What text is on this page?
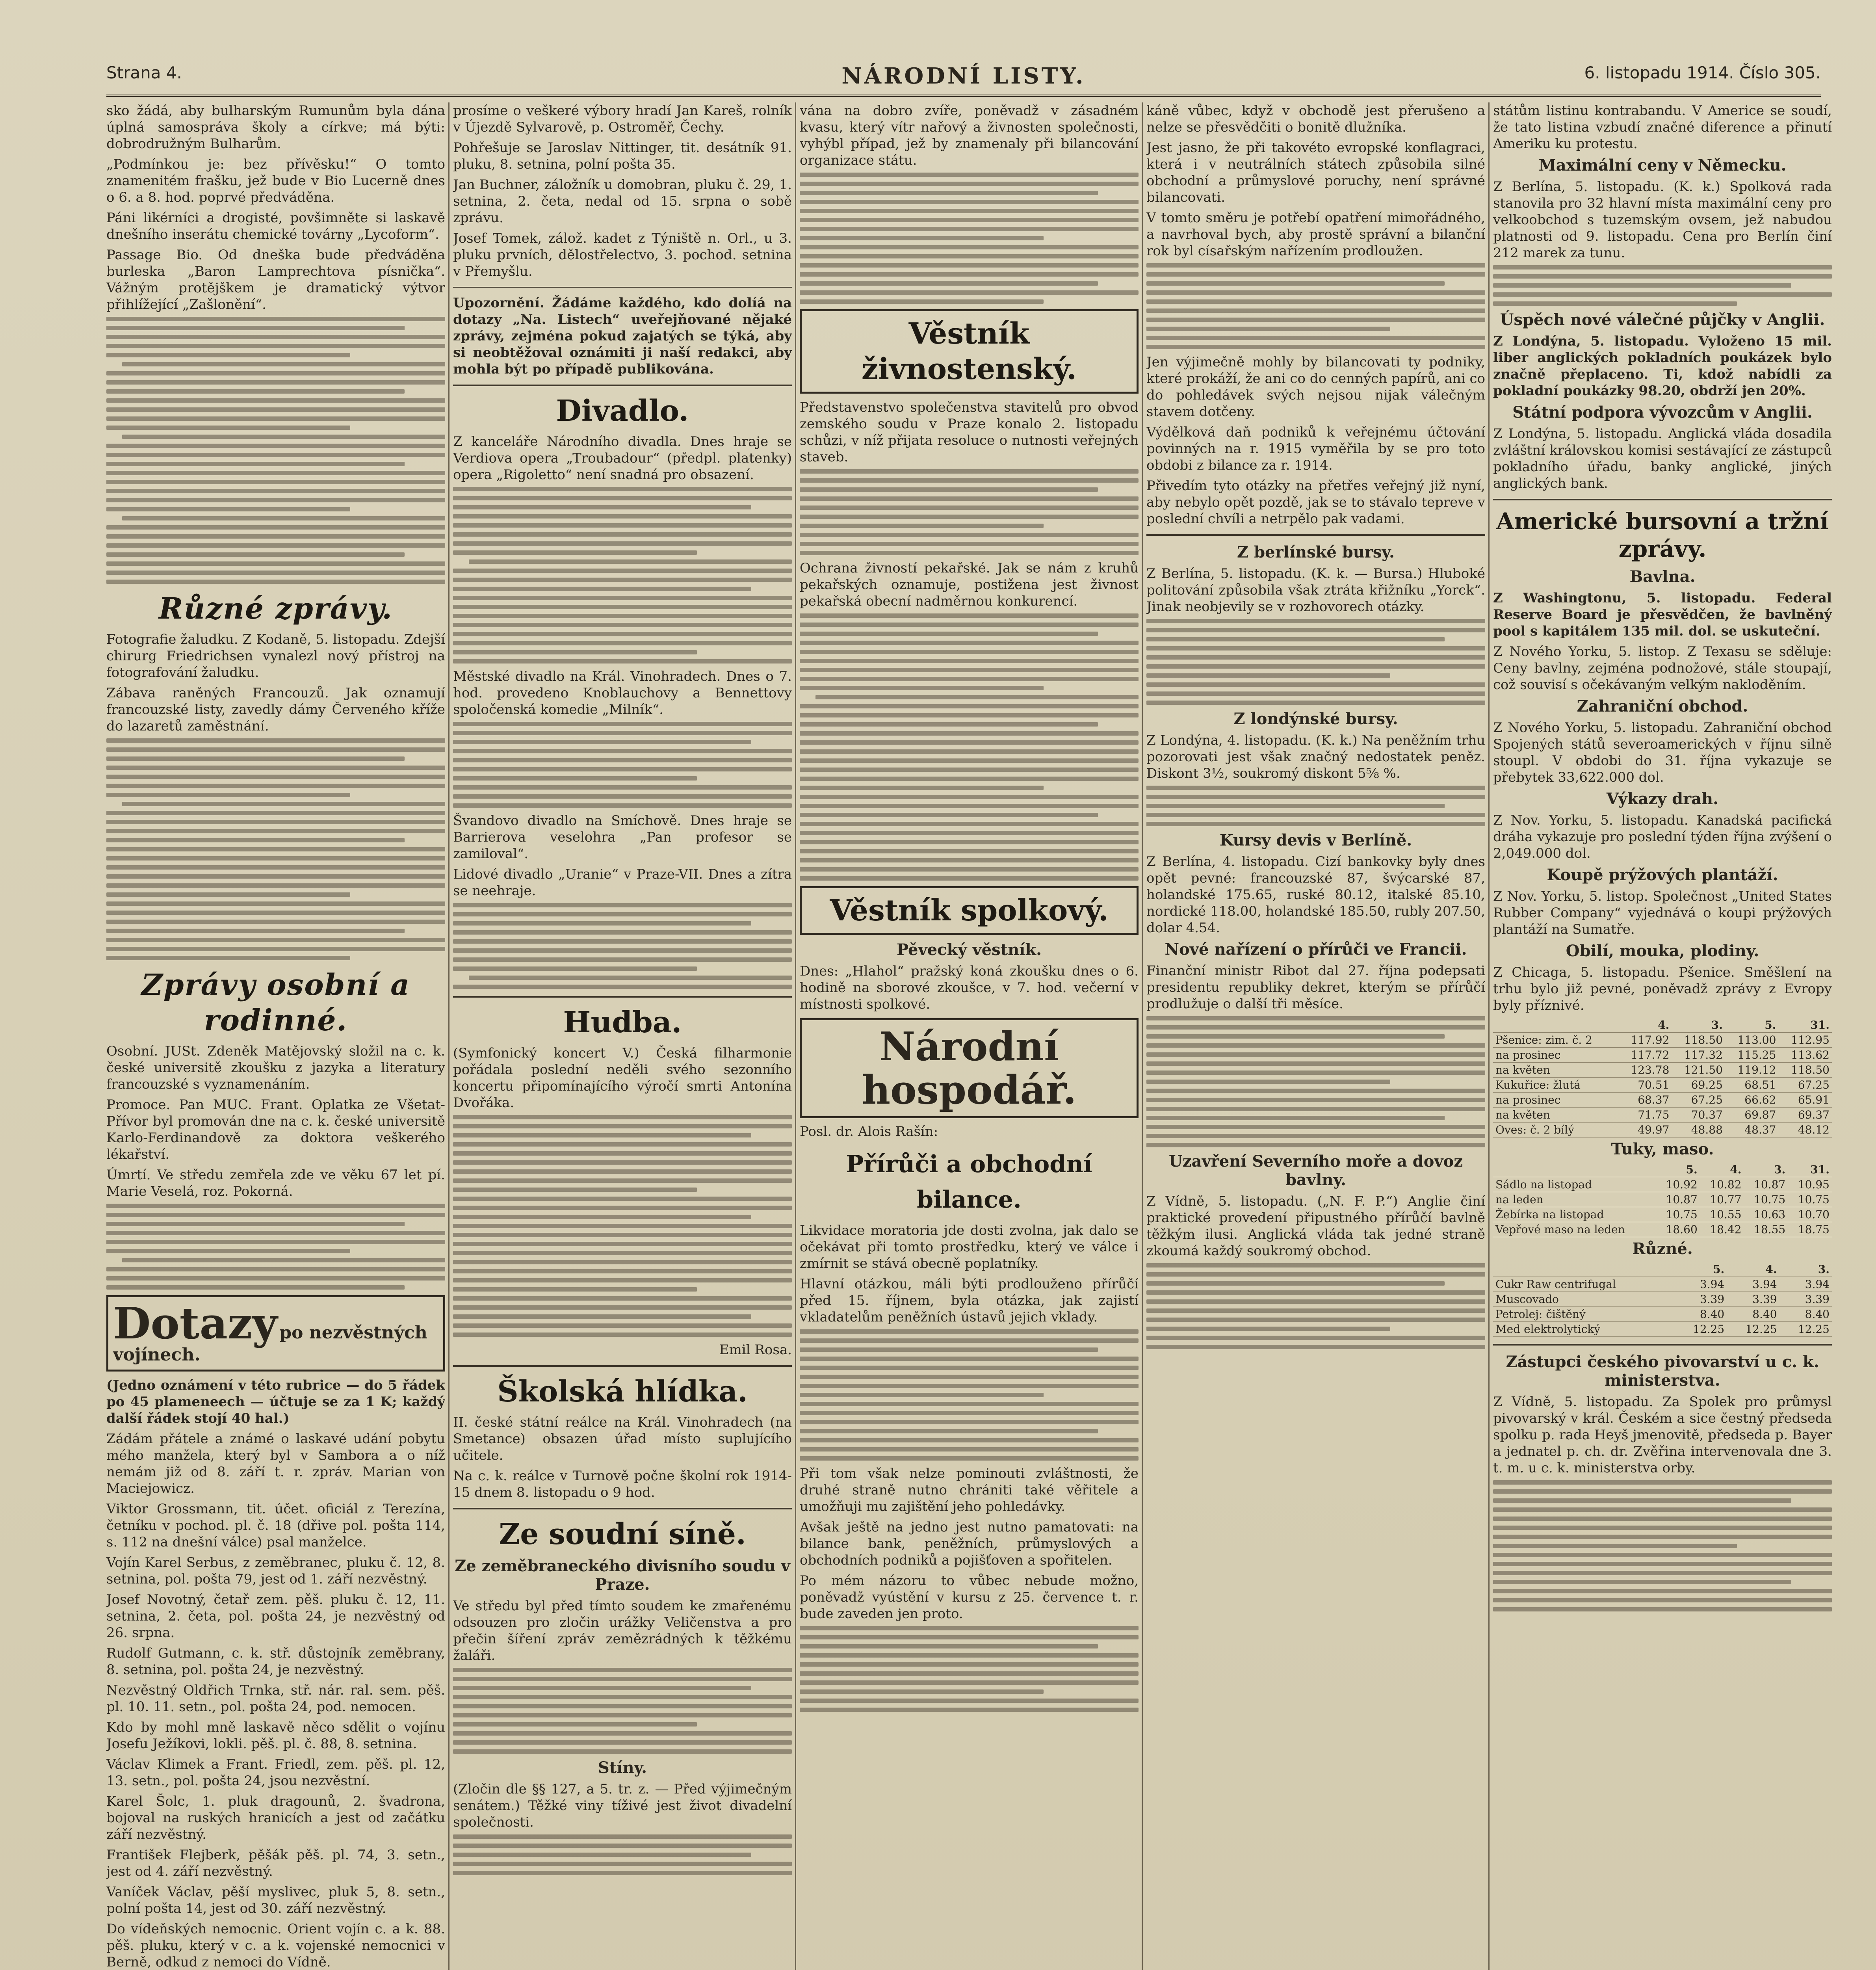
Strana 4.	NÁRODNÍ LISTY.	6. listopadu 1914. Číslo 305.

sko žádá, aby bulharským Rumunům byla dána úplná samospráva školy a církve; má býti: dobrodružným Bulharům.

„Podmínkou je: bez přívěsku!“ O tomto znamenitém frašku, jež bude v Bio Lucerně dnes o 6. a 8. hod. poprvé předváděna.

Páni likérníci a drogisté, povšimněte si laskavě dnešního inserátu chemické továrny „Lycoform“.

Passage Bio. Od dneška bude předváděna burleska „Baron Lamprechtova písnička“. Vážným protějškem je dramatický výtvor přihlížející „Zašlonění“.

Různé zprávy.

Fotografie žaludku. Z Kodaně, 5. listopadu. Zdejší chirurg Friedrichsen vynalezl nový přístroj na fotografování žaludku.

Zábava raněných Francouzů. Jak oznamují francouzské listy, zavedly dámy Červeného kříže do lazaretů zaměstnání.

Zprávy osobní a rodinné.

Osobní. JUSt. Zdeněk Matějovský složil na c. k. české universitě zkoušku z jazyka a literatury francouzské s vyznamenáním.

Promoce. Pan MUC. Frant. Oplatka ze Všetat-Přívor byl promován dne na c. k. české universitě Karlo-Ferdinandově za doktora veškerého lékařství.

Úmrtí. Ve středu zemřela zde ve věku 67 let pí. Marie Veselá, roz. Pokorná.

Dotazy po nezvěstných vojínech.

(Jedno oznámení v této rubrice — do 5 řádek po 45 plameneech — účtuje se za 1 K; každý další řádek stojí 40 hal.)

Zádám přátele a známé o laskavé udání pobytu mého manžela, který byl v Sambora a o níž nemám již od 8. září t. r. zpráv. Marian von Maciejowicz.

Viktor Grossmann, tit. účet. oficiál z Terezína, četníku v pochod. pl. č. 18 (dřive pol. pošta 114, s. 112 na dnešní válce) psal manželce.

Vojín Karel Serbus, z zeměbranec, pluku č. 12, 8. setnina, pol. pošta 79, jest od 1. září nezvěstný.

Josef Novotný, četař zem. pěš. pluku č. 12, 11. setnina, 2. četa, pol. pošta 24, je nezvěstný od 26. srpna.

Rudolf Gutmann, c. k. stř. důstojník zeměbrany, 8. setnina, pol. pošta 24, je nezvěstný.

Nezvěstný Oldřich Trnka, stř. nár. ral. sem. pěš. pl. 10. 11. setn., pol. pošta 24, pod. nemocen.

Kdo by mohl mně laskavě něco sdělit o vojínu Josefu Ježíkovi, lokli. pěš. pl. č. 88, 8. setnina.

Václav Klimek a Frant. Friedl, zem. pěš. pl. 12, 13. setn., pol. pošta 24, jsou nezvěstní.

Karel Šolc, 1. pluk dragounů, 2. švadrona, bojoval na ruských hranicích a jest od začátku září nezvěstný.

František Flejberk, pěšák pěš. pl. 74, 3. setn., jest od 4. září nezvěstný.

Vaníček Václav, pěší myslivec, pluk 5, 8. setn., polní pošta 14, jest od 30. září nezvěstný.

Do vídeňských nemocnic. Orient vojín c. a k. 88. pěš. pluku, který v c. a k. vojenské nemocnici v Berně, odkud z nemoci do Vídně.

prosíme o veškeré výbory hradí Jan Kareš, rolník v Újezdě Sylvarově, p. Ostroměř, Čechy.

Pohřešuje se Jaroslav Nittinger, tit. desátník 91. pluku, 8. setnina, polní pošta 35.

Jan Buchner, záložník u domobran, pluku č. 29, 1. setnina, 2. četa, nedal od 15. srpna o sobě zprávu.

Josef Tomek, zálož. kadet z Týniště n. Orl., u 3. pluku prvních, dělostřelectvo, 3. pochod. setnina v Přemyšlu.

Upozornění. Žádáme každého, kdo dolíá na dotazy „Na. Listech“ uveřejňované nějaké zprávy, zejména pokud zajatých se týká, aby si neobtěžoval oznámiti ji naší redakci, aby mohla být po případě publikována.

Divadlo.

Z kanceláře Národního divadla. Dnes hraje se Verdiova opera „Troubadour“ (předpl. platenky) opera „Rigoletto“ není snadná pro obsazení.

Městské divadlo na Král. Vinohradech. Dnes o 7. hod. provedeno Knoblauchovy a Bennettovy spoločenská komedie „Milník“.

Švandovo divadlo na Smíchově. Dnes hraje se Barrierova veselohra „Pan profesor se zamiloval“.

Lidové divadlo „Uranie“ v Praze-VII. Dnes a zítra se neehraje.

Hudba.

(Symfonický koncert V.) Česká filharmonie pořádala poslední neděli svého sezonního koncertu připomínajícího výročí smrti Antonína Dvořáka.

Emil Rosa.

Školská hlídka.

II. české státní reálce na Král. Vinohradech (na Smetance) obsazen úřad místo suplujícího učitele.

Na c. k. reálce v Turnově počne školní rok 1914-15 dnem 8. listopadu o 9 hod.

Ze soudní síně.
Ze zeměbraneckého divisního soudu v Praze.

Ve středu byl před tímto soudem ke zmařenému odsouzen pro zločin urážky Veličenstva a pro přečin šíření zpráv zemězrádných k těžkému žaláři.

Stíny.

(Zločin dle §§ 127, a 5. tr. z. — Před výjimečným senátem.) Těžké viny tíživé jest život divadelní společnosti.

vána na dobro zvíře, poněvadž v zásadném kvasu, který vítr nařový a živnosten společnosti, vyhýbl případ, jež by znamenaly při bilancování organizace státu.

Věstník živnostenský.

Představenstvo společenstva stavitelů pro obvod zemského soudu v Praze konalo 2. listopadu schůzi, v níž přijata resoluce o nutnosti veřejných staveb.

Ochrana živností pekařské. Jak se nám z kruhů pekařských oznamuje, postižena jest živnost pekařská obecní nadměrnou konkurencí.

Věstník spolkový.
Pěvecký věstník.

Dnes: „Hlahol“ pražský koná zkoušku dnes o 6. hodině na sborové zkoušce, v 7. hod. večerní v místnosti spolkové.

Národní hospodář.

Posl. dr. Alois Rašín:

Přírůči a obchodní bilance.

Likvidace moratoria jde dosti zvolna, jak dalo se očekávat při tomto prostředku, který ve válce i zmírnit se stává obecně poplatníky.

Hlavní otázkou, máli býti prodlouženo přírůčí před 15. říjnem, byla otázka, jak zajistí vkladatelům peněžních ústavů jejich vklady.

Při tom však nelze pominouti zvláštnosti, že druhé straně nutno chrániti také věřitele a umožňuji mu zajištění jeho pohledávky.

Avšak ještě na jedno jest nutno pamatovati: na bilance bank, peněžních, průmyslových a obchodních podniků a pojišťoven a spořitelen.

Po mém názoru to vůbec nebude možno, poněvadž vyústění v kursu z 25. července t. r. bude zaveden jen proto.

káně vůbec, když v obchodě jest přerušeno a nelze se přesvědčiti o bonitě dlužníka.

Jest jasno, že při takovéto evropské konflagraci, která i v neutrálních státech způsobila silné obchodní a průmyslové poruchy, není správné bilancovati.

V tomto směru je potřebí opatření mimořádného, a navrhoval bych, aby prostě správní a bilanční rok byl císařským nařízením prodloužen.

Jen výjimečně mohly by bilancovati ty podniky, které prokáží, že ani co do cenných papírů, ani co do pohledávek svých nejsou nijak válečným stavem dotčeny.

Výdělková daň podniků k veřejnému účtování povinných na r. 1915 vyměřila by se pro toto obdobi z bilance za r. 1914.

Přivedím tyto otázky na přetřes veřejný již nyní, aby nebylo opět pozdě, jak se to stávalo tepreve v poslední chvíli a netrpělo pak vadami.

Z berlínské bursy.

Z Berlína, 5. listopadu. (K. k. — Bursa.) Hluboké politování způsobila však ztráta křižníku „Yorck“. Jinak neobjevily se v rozhovorech otázky.

Z londýnské bursy.

Z Londýna, 4. listopadu. (K. k.) Na peněžním trhu pozorovati jest však značný nedostatek peněz. Diskont 3½, soukromý diskont 5⅝ %.

Kursy devis v Berlíně.

Z Berlína, 4. listopadu. Cizí bankovky byly dnes opět pevné: francouzské 87, švýcarské 87, holandské 175.65, ruské 80.12, italské 85.10, nordické 118.00, holandské 185.50, rubly 207.50, dolar 4.54.

Nové nařízení o přírůči ve Francii.

Finanční ministr Ribot dal 27. října podepsati presidentu republiky dekret, kterým se přírůčí prodlužuje o další tři měsíce.

Uzavření Severního moře a dovoz bavlny.

Z Vídně, 5. listopadu. („N. F. P.“) Anglie činí praktické provedení připustného přírůčí bavlně těžkým ilusi. Anglická vláda tak jedné straně zkoumá každý soukromý obchod.

státům listinu kontrabandu. V Americe se soudí, že tato listina vzbudí značné diference a přinutí Ameriku ku protestu.

Maximální ceny v Německu.

Z Berlína, 5. listopadu. (K. k.) Spolková rada stanovila pro 32 hlavní místa maximální ceny pro velkoobchod s tuzemským ovsem, jež nabudou platnosti od 9. listopadu. Cena pro Berlín činí 212 marek za tunu.

Úspěch nové válečné půjčky v Anglii.

Z Londýna, 5. listopadu. Vyloženo 15 mil. liber anglických pokladních poukázek bylo značně přeplaceno. Ti, kdož nabídli za pokladní poukázky 98.20, obdrží jen 20%.

Státní podpora vývozcům v Anglii.

Z Londýna, 5. listopadu. Anglická vláda dosadila zvláštní královskou komisi sestávající ze zástupců pokladního úřadu, banky anglické, jiných anglických bank.

Americké bursovní a tržní zprávy.
Bavlna.

Z Washingtonu, 5. listopadu. Federal Reserve Board je přesvědčen, že bavlněný pool s kapitálem 135 mil. dol. se uskuteční.

Z Nového Yorku, 5. listop. Z Texasu se sděluje: Ceny bavlny, zejména podnožové, stále stoupají, což souvisí s očekávaným velkým nakloděním.

Zahraniční obchod.

Z Nového Yorku, 5. listopadu. Zahraniční obchod Spojených států severoamerických v říjnu silně stoupl. V obdobi do 31. října vykazuje se přebytek 33,622.000 dol.

Výkazy drah.

Z Nov. Yorku, 5. listopadu. Kanadská pacifická dráha vykazuje pro poslední týden října zvýšení o 2,049.000 dol.

Koupě prýžových plantáží.

Z Nov. Yorku, 5. listop. Společnost „United States Rubber Company“ vyjednává o koupi prýžových plantáží na Sumatře.

Obilí, mouka, plodiny.

Z Chicaga, 5. listopadu. Pšenice. Směšlení na trhu bylo již pevné, poněvadž zprávy z Evropy byly příznivé.

	4.	3.	5.	31.
Pšenice: zim. č. 2	117.92	118.50	113.00	112.95
na prosinec	117.72	117.32	115.25	113.62
na květen	123.78	121.50	119.12	118.50
Kukuřice: žlutá	70.51	69.25	68.51	67.25
na prosinec	68.37	67.25	66.62	65.91
na květen	71.75	70.37	69.87	69.37
Oves: č. 2 bílý	49.97	48.88	48.37	48.12
Tuky, maso.
	5.	4.	3.	31.
Sádlo na listopad	10.92	10.82	10.87	10.95
na leden	10.87	10.77	10.75	10.75
Žebírka na listopad	10.75	10.55	10.63	10.70
Vepřové maso na leden	18.60	18.42	18.55	18.75
Různé.
	5.	4.	3.
Cukr Raw centrifugal	3.94	3.94	3.94
Muscovado	3.39	3.39	3.39
Petrolej: čištěný	8.40	8.40	8.40
Med elektrolytický	12.25	12.25	12.25
Zástupci českého pivovarství u c. k. ministerstva.

Z Vídně, 5. listopadu. Za Spolek pro průmysl pivovarský v král. Českém a sice čestný předseda spolku p. rada Heyš jmenovitě, předseda p. Bayer a jednatel p. ch. dr. Zvěřina intervenovala dne 3. t. m. u c. k. ministerstva orby.
